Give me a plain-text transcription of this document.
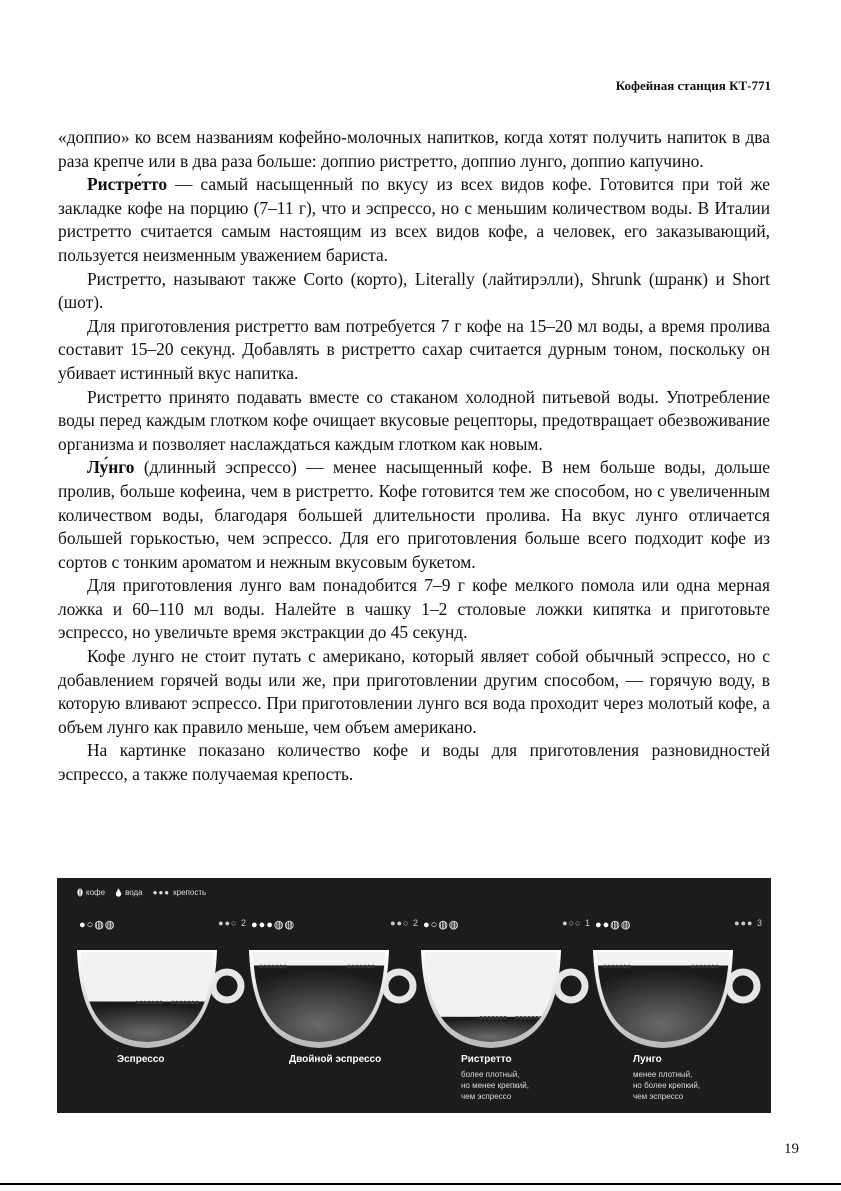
Кофейная станция КТ-771

«доппио» ко всем названиям кофейно-молочных напитков, когда хотят получить напиток в два раза крепче или в два раза больше: доппио ристретто, доппио лунго, доппио капучино.

Ристре́тто — самый насыщенный по вкусу из всех видов кофе. Готовится при той же закладке кофе на порцию (7–11 г), что и эспрессо, но с меньшим количеством воды. В Италии ристретто считается самым настоящим из всех видов кофе, а человек, его заказывающий, пользуется неизменным уважением бариста.

Ристретто, называют также Corto (корто), Literally (лайтирэлли), Shrunk (шранк) и Short (шот).

Для приготовления ристретто вам потребуется 7 г кофе на 15–20 мл воды, а время пролива составит 15–20 секунд. Добавлять в ристретто сахар считается дурным тоном, поскольку он убивает истинный вкус напитка.

Ристретто принято подавать вместе со стаканом холодной питьевой воды. Употребление воды перед каждым глотком кофе очищает вкусовые рецепторы, предотвращает обезвоживание организма и позволяет наслаждаться каждым глотком как новым.

Лу́нго (длинный эспрессо) — менее насыщенный кофе. В нем больше воды, дольше пролив, больше кофеина, чем в ристретто. Кофе готовится тем же способом, но с увеличенным количеством воды, благодаря большей длительности пролива. На вкус лунго отличается большей горькостью, чем эспрессо. Для его приготовления больше всего подходит кофе из сортов с тонким ароматом и нежным вкусовым букетом.

Для приготовления лунго вам понадобится 7–9 г кофе мелкого помола или одна мерная ложка и 60–110 мл воды. Налейте в чашку 1–2 столовые ложки кипятка и приготовьте эспрессо, но увеличьте время экстракции до 45 секунд.

Кофе лунго не стоит путать с американо, который являет собой обычный эспрессо, но с добавлением горячей воды или же, при приготовлении другим способом, — горячую воду, в которую вливают эспрессо. При приготовлении лунго вся вода проходит через молотый кофе, а объем лунго как правило меньше, чем объем американо.

На картинке показано количество кофе и воды для приготовления разновидностей эспрессо, а также получаемая крепость.

кофе	вода ●●● крепость
●○◍◍	●●○ 2
Эспрессо
●●●◍◍	●●○ 2
Двойной эспрессо
●○◍◍	●○○ 1
Ристретто
более плотный,
но менее крепкий,
чем эспрессо
●●◍◍	●●● 3
Лунго
менее плотный,
но более крепкий,
чем эспрессо
19
